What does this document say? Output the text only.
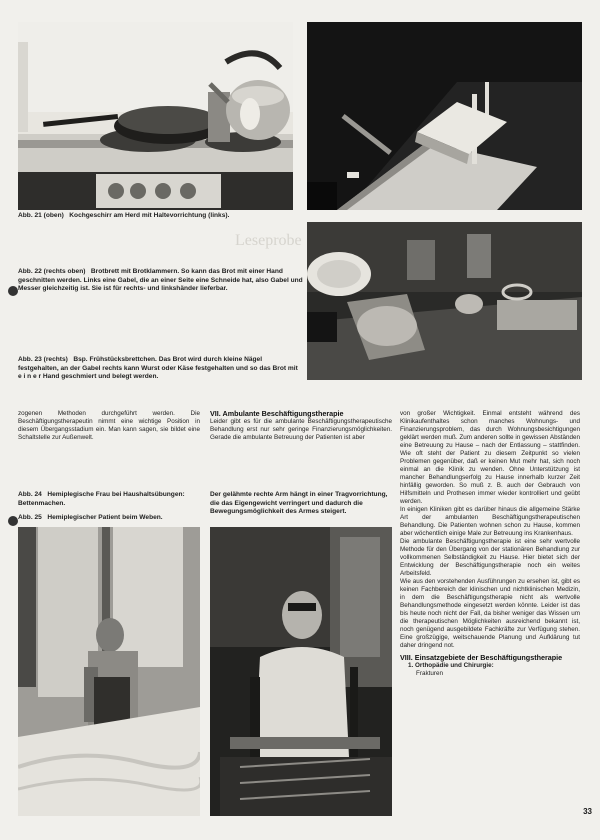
Abb. 21 (oben) Kochgeschirr am Herd mit Haltevorrichtung (links).
Abb. 22 (rechts oben) Brotbrett mit Brotklammern. So kann das Brot mit einer Hand geschnitten werden. Links eine Gabel, die an einer Seite eine Schneide hat, also Gabel und Messer gleichzeitig ist. Sie ist für rechts- und linkshänder lieferbar.
Abb. 23 (rechts) Bsp. Frühstücksbrettchen. Das Brot wird durch kleine Nägel festgehalten, an der Gabel rechts kann Wurst oder Käse festgehalten und so das Brot mit e i n e r Hand geschmiert und belegt werden.
Leseprobe
zogenen Methoden durchgeführt werden. Die Beschäftigungstherapeutin nimmt eine wichtige Position in diesem Übergangsstadium ein. Man kann sagen, sie bildet eine Schaltstelle zur Außenwelt.
Abb. 24 Hemiplegische Frau bei Haushaltsübungen: Bettenmachen.
Abb. 25 Hemiplegischer Patient beim Weben.
VII. Ambulante Beschäftigungstherapie
Leider gibt es für die ambulante Beschäftigungstherapeutische Behandlung erst nur sehr geringe Finanzierungsmöglichkeiten. Gerade die ambulante Betreuung der Patienten ist aber
Der gelähmte rechte Arm hängt in einer Tragvorrichtung, die das Eigengewicht verringert und dadurch die Bewegungsmöglichkeit des Armes steigert.
von großer Wichtigkeit. Einmal entsteht während des Klinikaufenthaltes schon manches Wohnungs- und Finanzierungsproblem, das durch Wohnungsbesichtigungen geklärt werden muß. Zum anderen sollte in gewissen Abständen eine Betreuung zu Hause – nach der Entlassung – stattfinden. Wie oft steht der Patient zu diesem Zeitpunkt so vielen Problemen gegenüber, daß er keinen Mut mehr hat, sich noch einmal an die Klinik zu wenden. Ohne Unterstützung ist mancher Behandlungserfolg zu Hause innerhalb kurzer Zeit hinfällig geworden. So muß z. B. auch der Gebrauch von Hilfsmitteln und Prothesen immer wieder kontrolliert und geübt werden.
In einigen Kliniken gibt es darüber hinaus die allgemeine Stärke Art der ambulanten Beschäftigungstherapeutischen Behandlung. Die Patienten wohnen schon zu Hause, kommen aber wöchentlich einige Male zur Betreuung ins Krankenhaus.
Die ambulante Beschäftigungstherapie ist eine sehr wertvolle Methode für den Übergang von der stationären Behandlung zur vollkommenen Selbständigkeit zu Hause. Hier bietet sich der Entwicklung der Beschäftigungstherapie noch ein weites Arbeitsfeld.
Wie aus den vorstehenden Ausführungen zu ersehen ist, gibt es keinen Fachbereich der klinischen und nichtklinischen Medizin, in dem die Beschäftigungstherapie nicht als wertvolle Behandlungsmethode eingesetzt werden könnte. Leider ist das bis heute noch nicht der Fall, da bisher weniger das Wissen um die therapeutischen Möglichkeiten ausreichend bekannt ist, noch genügend ausgebildete Fachkräfte zur Verfügung stehen. Eine großzügige, weitschauende Planung und Aufklärung tut daher dringend not.
VIII. Einsatzgebiete der Beschäftigungstherapie
1. Orthopädie und Chirurgie:
Frakturen
33
